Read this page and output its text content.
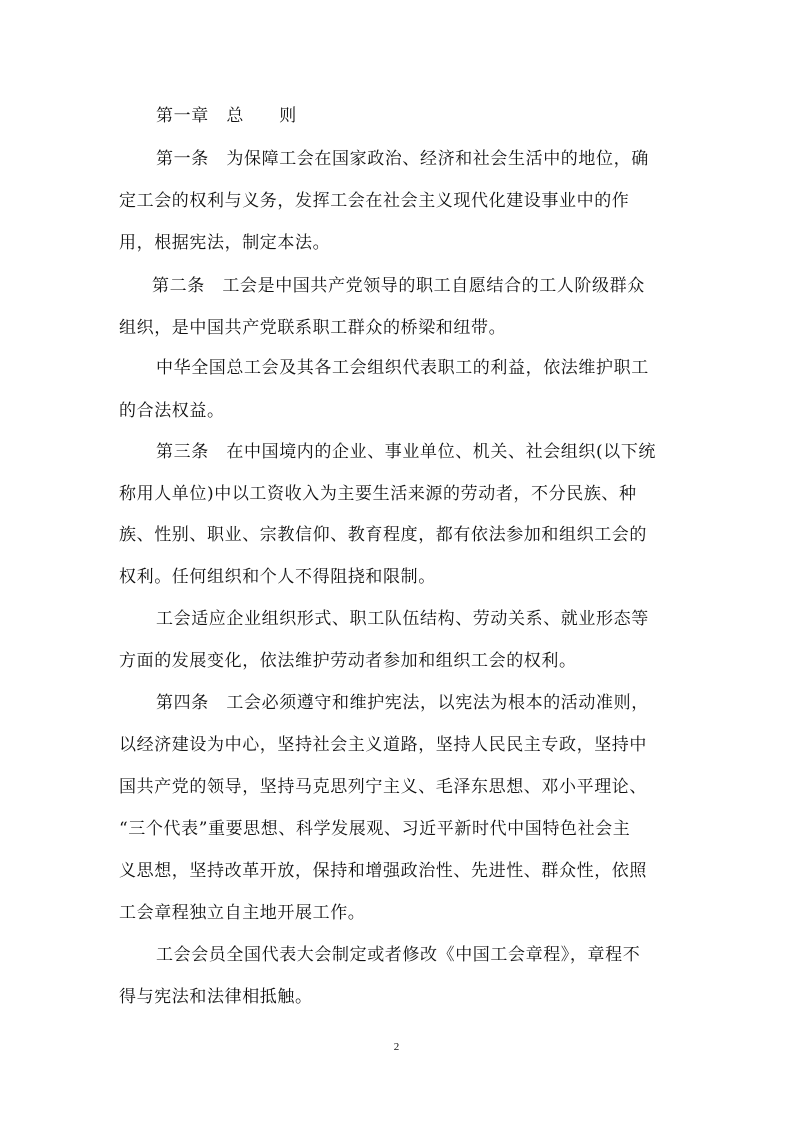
第一章　总　　则
第一条　为保障工会在国家政治、经济和社会生活中的地位，确
定工会的权利与义务，发挥工会在社会主义现代化建设事业中的作
用，根据宪法，制定本法。
第二条　工会是中国共产党领导的职工自愿结合的工人阶级群众
组织，是中国共产党联系职工群众的桥梁和纽带。
中华全国总工会及其各工会组织代表职工的利益，依法维护职工
的合法权益。
第三条　在中国境内的企业、事业单位、机关、社会组织(以下统
称用人单位)中以工资收入为主要生活来源的劳动者，不分民族、种
族、性别、职业、宗教信仰、教育程度，都有依法参加和组织工会的
权利。任何组织和个人不得阻挠和限制。
工会适应企业组织形式、职工队伍结构、劳动关系、就业形态等
方面的发展变化，依法维护劳动者参加和组织工会的权利。
第四条　工会必须遵守和维护宪法，以宪法为根本的活动准则，
以经济建设为中心，坚持社会主义道路，坚持人民民主专政，坚持中
国共产党的领导，坚持马克思列宁主义、毛泽东思想、邓小平理论、
“三个代表”重要思想、科学发展观、习近平新时代中国特色社会主
义思想，坚持改革开放，保持和增强政治性、先进性、群众性，依照
工会章程独立自主地开展工作。
工会会员全国代表大会制定或者修改《中国工会章程》，章程不
得与宪法和法律相抵触。
2
